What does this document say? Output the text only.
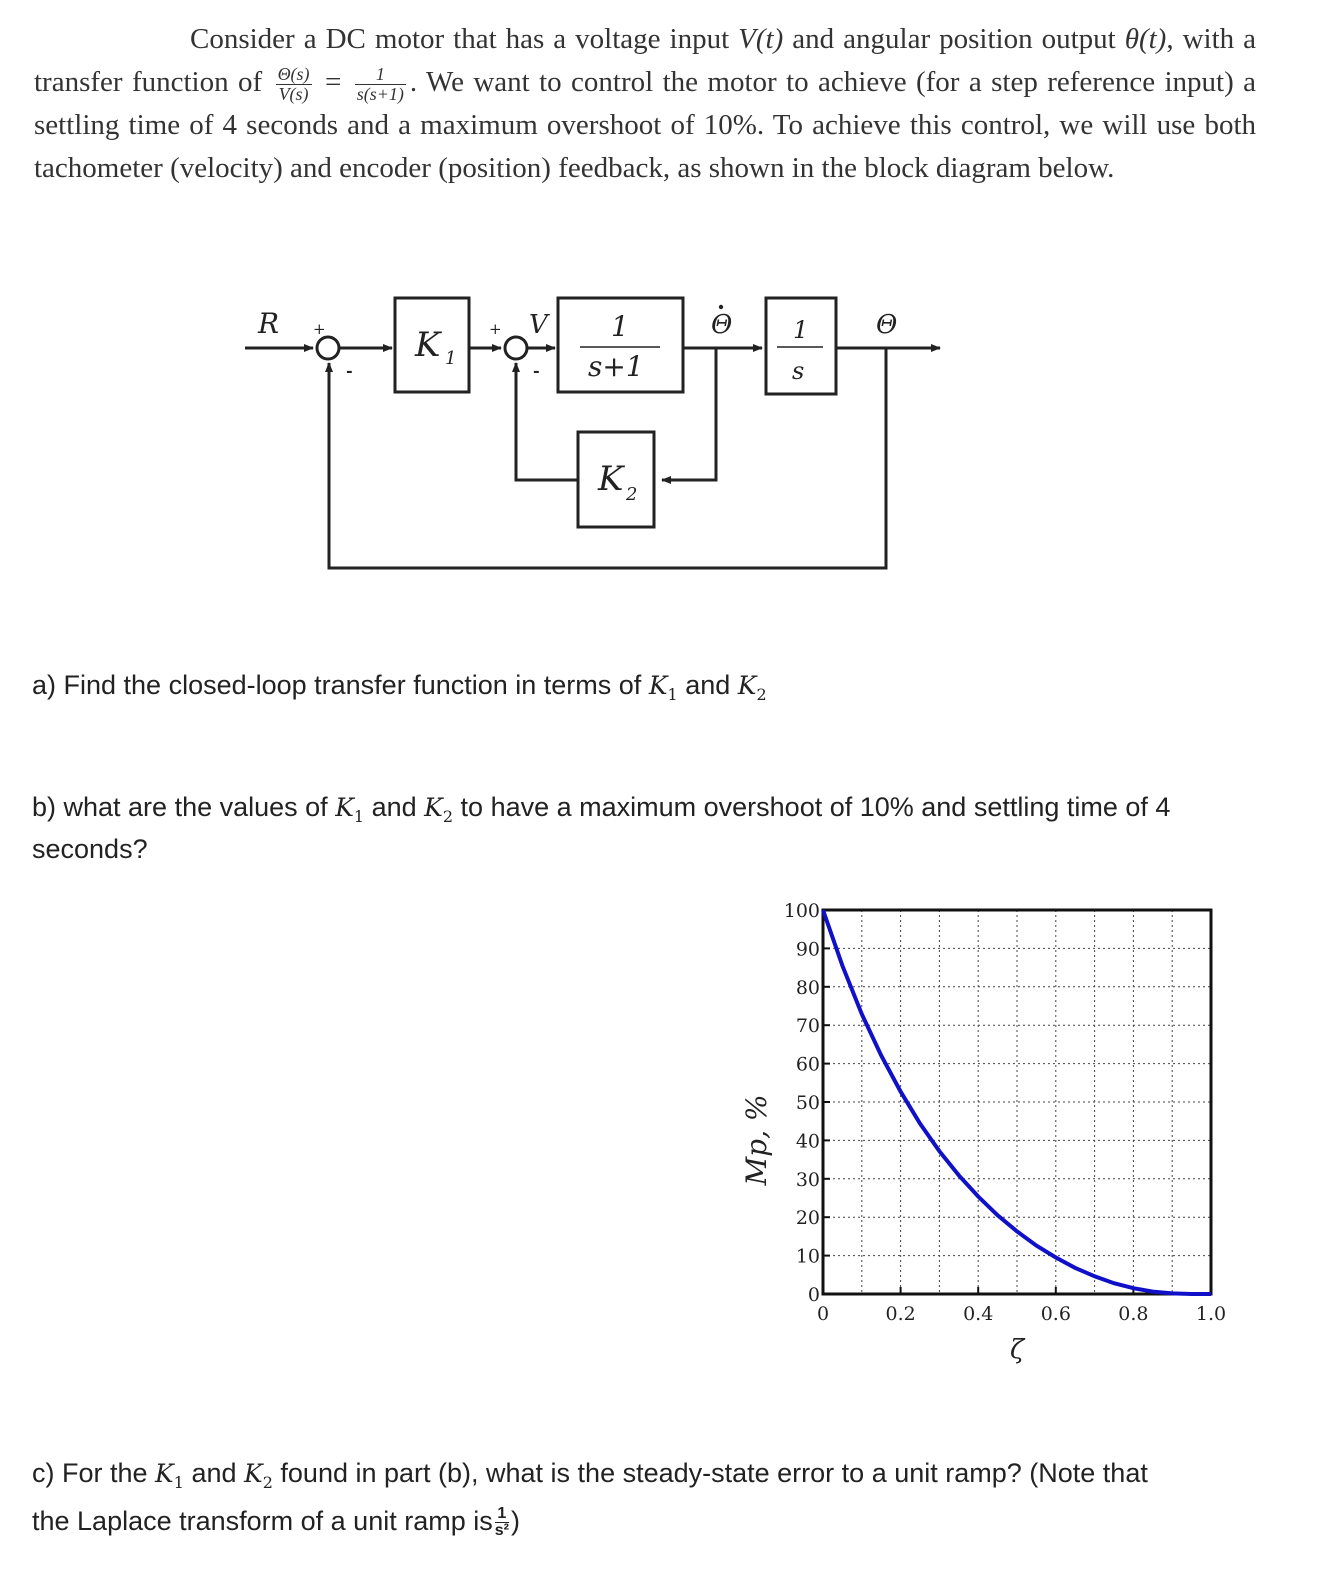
Consider a DC motor that has a voltage input V(t) and angular position output θ(t), with a transfer function of $\frac{\Theta(s)}{V(s)} = \frac{1}{s(s+1)}$ . We want to control the motor to achieve (for a step reference input) a settling time of 4 seconds and a maximum overshoot of 10%. To achieve this control, we will use both tachometer (velocity) and encoder (position) feedback, as shown in the block diagram below.
R +
-
K 1
+
-
V 1
s+1
Θ	1
s
Θ
K 2
a) Find the closed-loop transfer function in terms of $K_1$ and $K_2$
b) what are the values of $K_1$ and $K_2$ to have a maximum overshoot of 10% and settling time of 4
seconds?
0
10
20
30
40
50
60
70
80
90
100
0	0.2 0.4 0.6 0.8 1.0
Mp, %
ζ
c) For the $K_1$ and $K_2$ found in part (b), what is the steady-state error to a unit ramp? (Note that
the Laplace transform of a unit ramp is $\frac{1}{\text{s²}}$ )
